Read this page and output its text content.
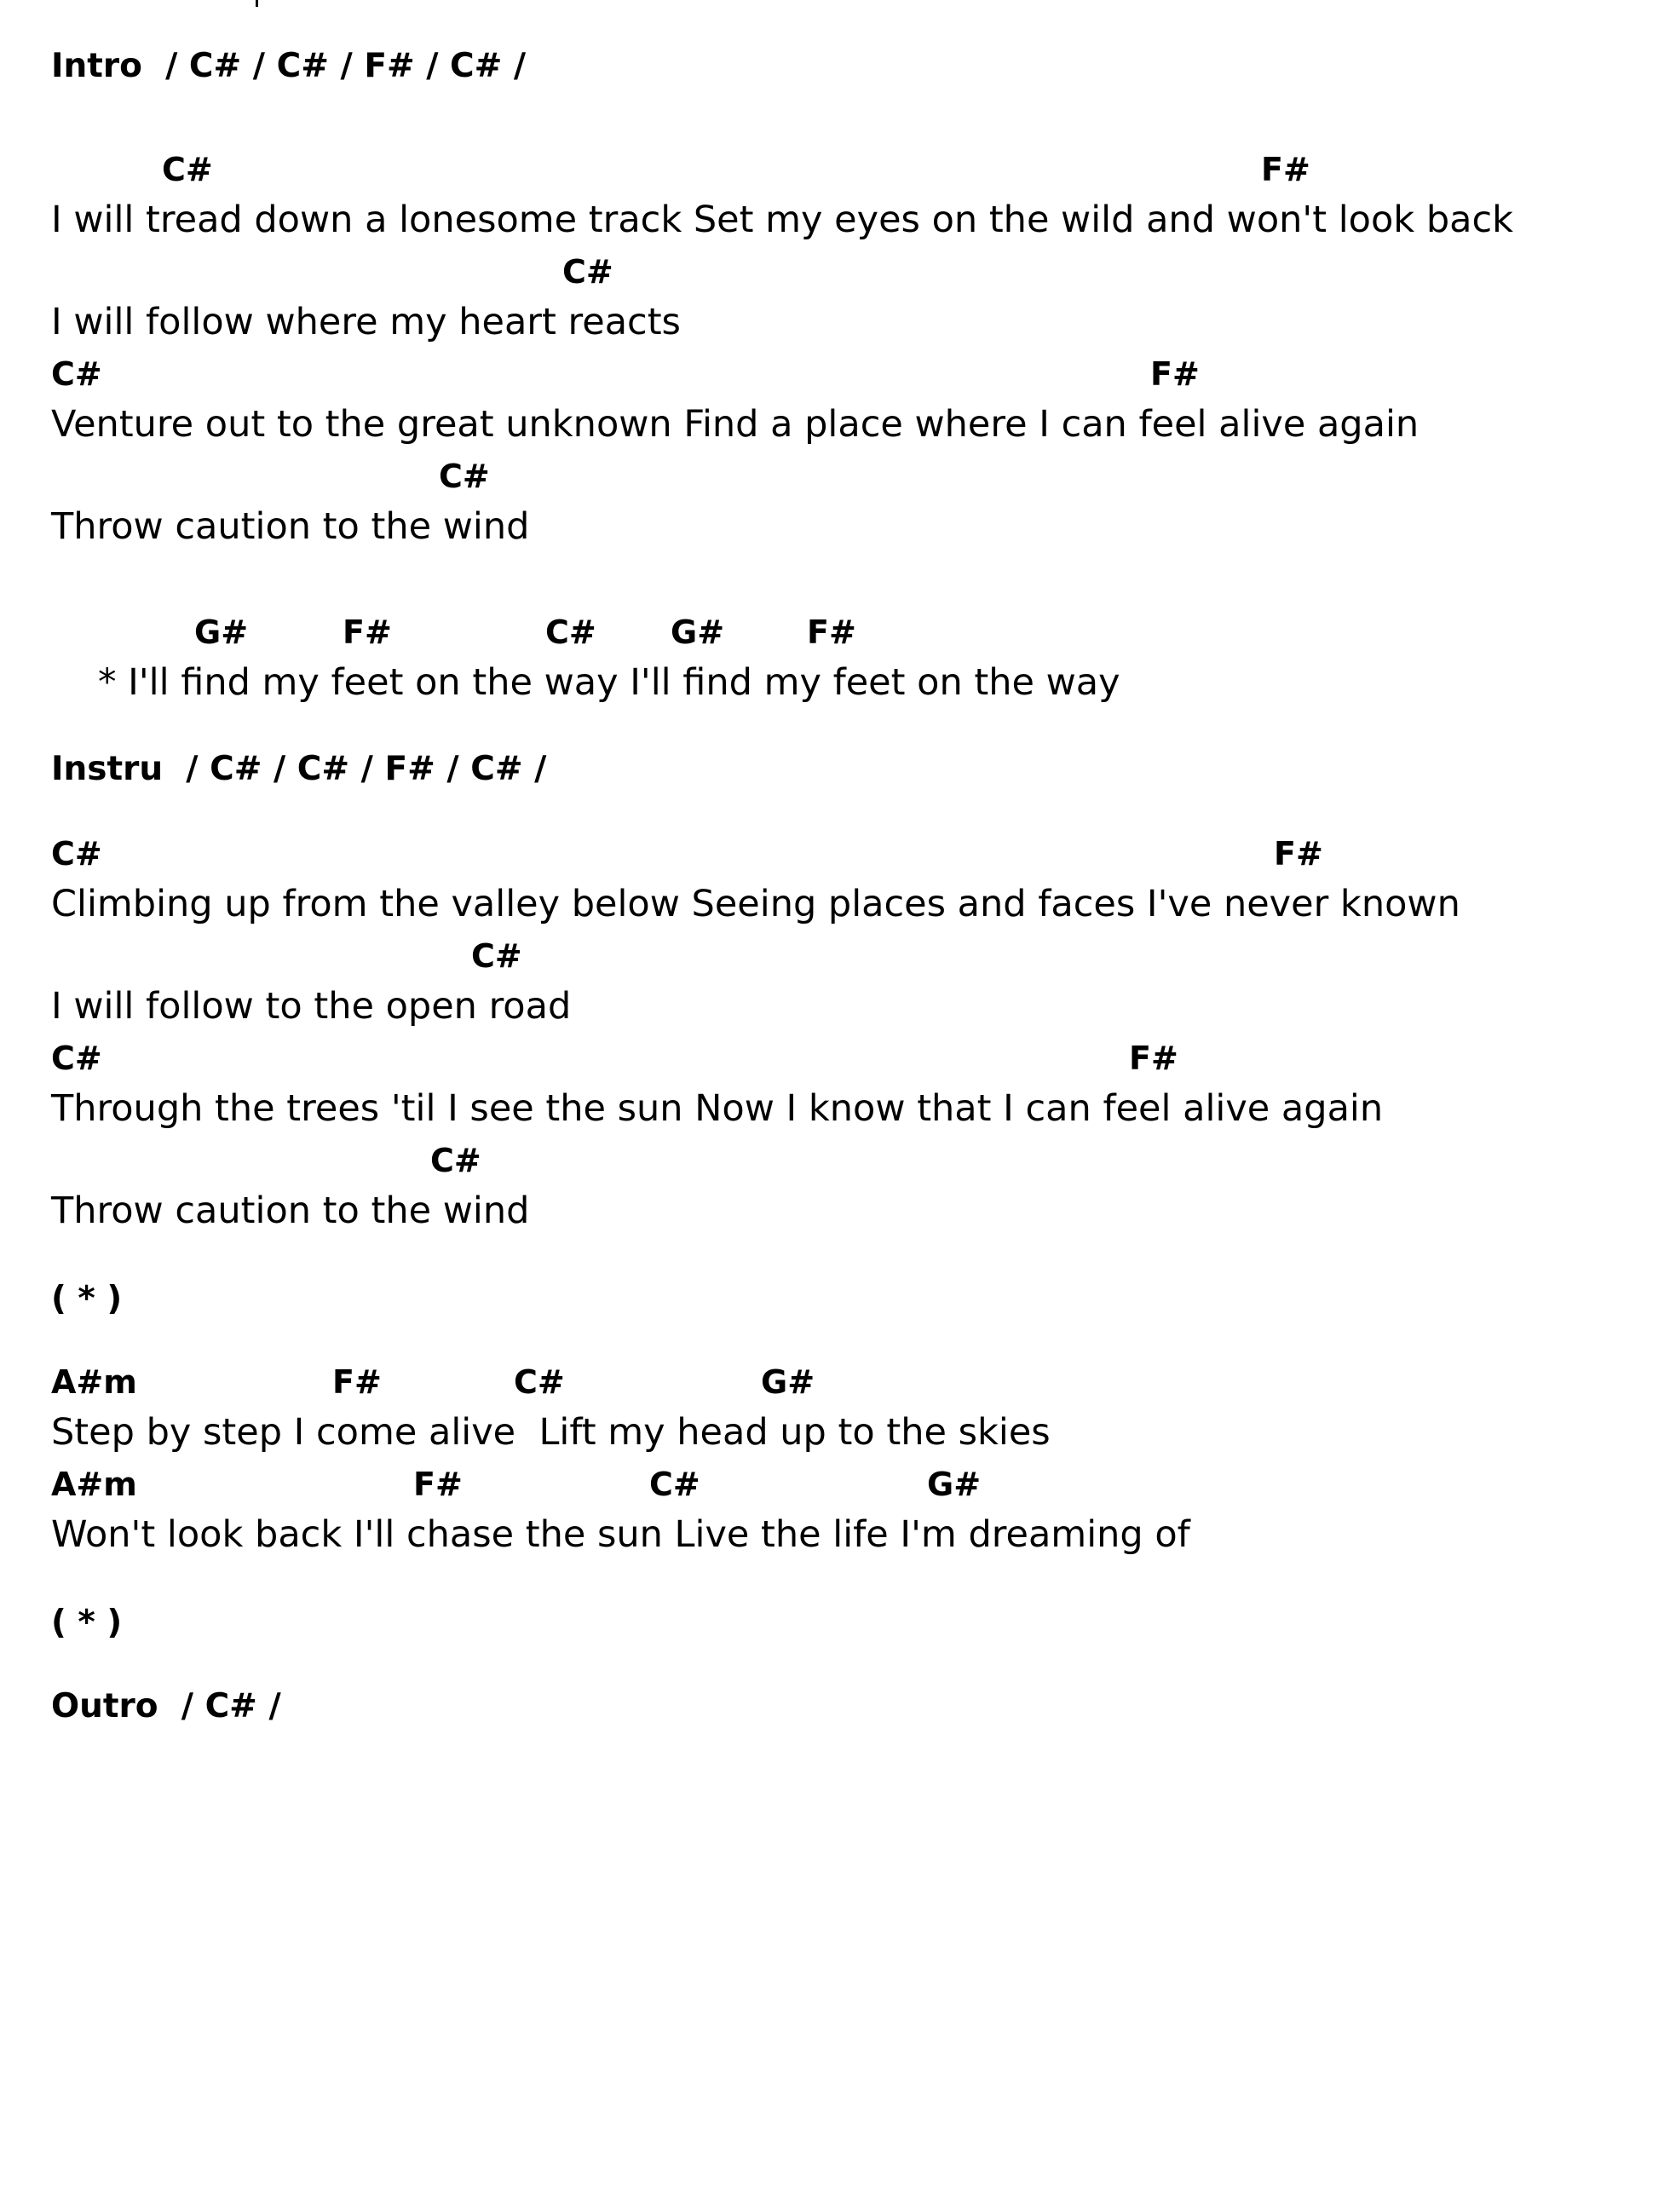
Intro  / C# / C# / F# / C# /
C#	F#
I will tread down a lonesome track Set my eyes on the wild and won't look back
C#
I will follow where my heart reacts
C#	F#
Venture out to the great unknown Find a place where I can feel alive again
C#
Throw caution to the wind
G#	F#	C# G#	F#
* I'll find my feet on the way I'll find my feet on the way
Instru  / C# / C# / F# / C# /
C#	F#
Climbing up from the valley below Seeing places and faces I've never known
C#
I will follow to the open road
C#	F#
Through the trees 'til I see the sun Now I know that I can feel alive again
C#
Throw caution to the wind
( * )
A#m	F#	C#	G#
Step by step I come alive  Lift my head up to the skies
A#m	F#	C#	G#
Won't look back I'll chase the sun Live the life I'm dreaming of
( * )
Outro  / C# /
